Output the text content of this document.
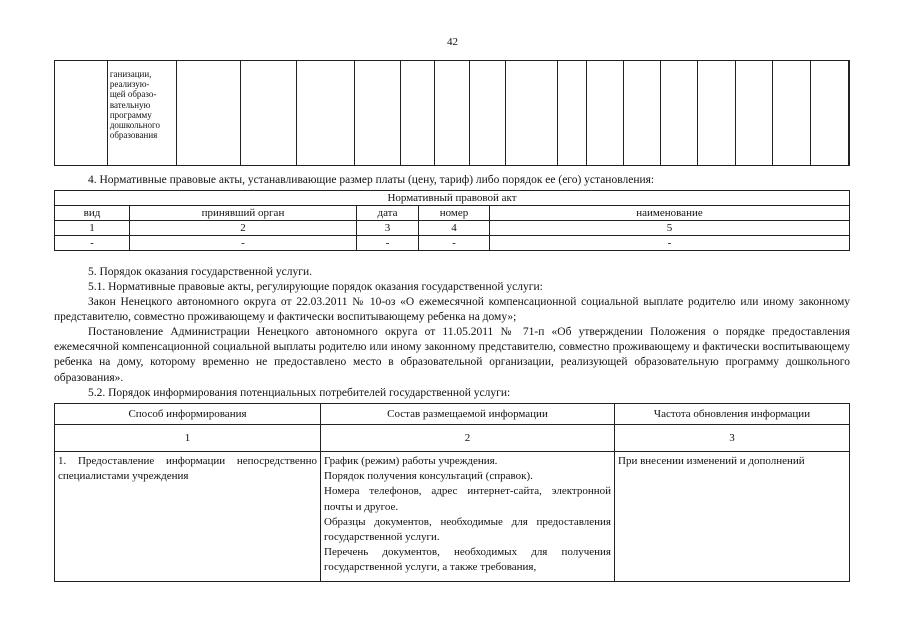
42

ганизации,
реализую-
щей образо-
вательную
программу
дошкольного
образования

4. Нормативные правовые акты, устанавливающие размер платы (цену, тариф) либо порядок ее (его) установления:
Нормативный правовой акт				
вид	принявший орган	дата	номер	наименование
1	2	3	4	5
-	-	-	-	-
5. Порядок оказания государственной услуги.
5.1. Нормативные правовые акты, регулирующие порядок оказания государственной услуги:
Закон Ненецкого автономного округа от 22.03.2011 № 10-оз «О ежемесячной компенсационной социальной выплате родителю или иному законному представителю, совместно проживающему и фактически воспитывающему ребенка на дому»;
Постановление Администрации Ненецкого автономного округа от 11.05.2011 № 71-п «Об утверждении Положения о порядке предоставления ежемесячной компенсационной социальной выплаты родителю или иному законному представителю, совместно проживающему и фактически воспитывающему ребенка на дому, которому временно не предоставлено место в образовательной организации, реализующей образовательную программу дошкольного образования».
5.2. Порядок информирования потенциальных потребителей государственной услуги:
Способ информирования	Состав размещаемой информации	Частота обновления информации
1	2	3
1. Предоставление информации непосредственно специалистами учреждения	График (режим) работы учреждения.
Порядок получения консультаций (справок).
Номера телефонов, адрес интернет-сайта, электронной почты и другое.
Образцы документов, необходимые для предоставления государственной услуги.
Перечень документов, необходимых для получения государственной услуги, а также требования,	При внесении изменений и дополнений
